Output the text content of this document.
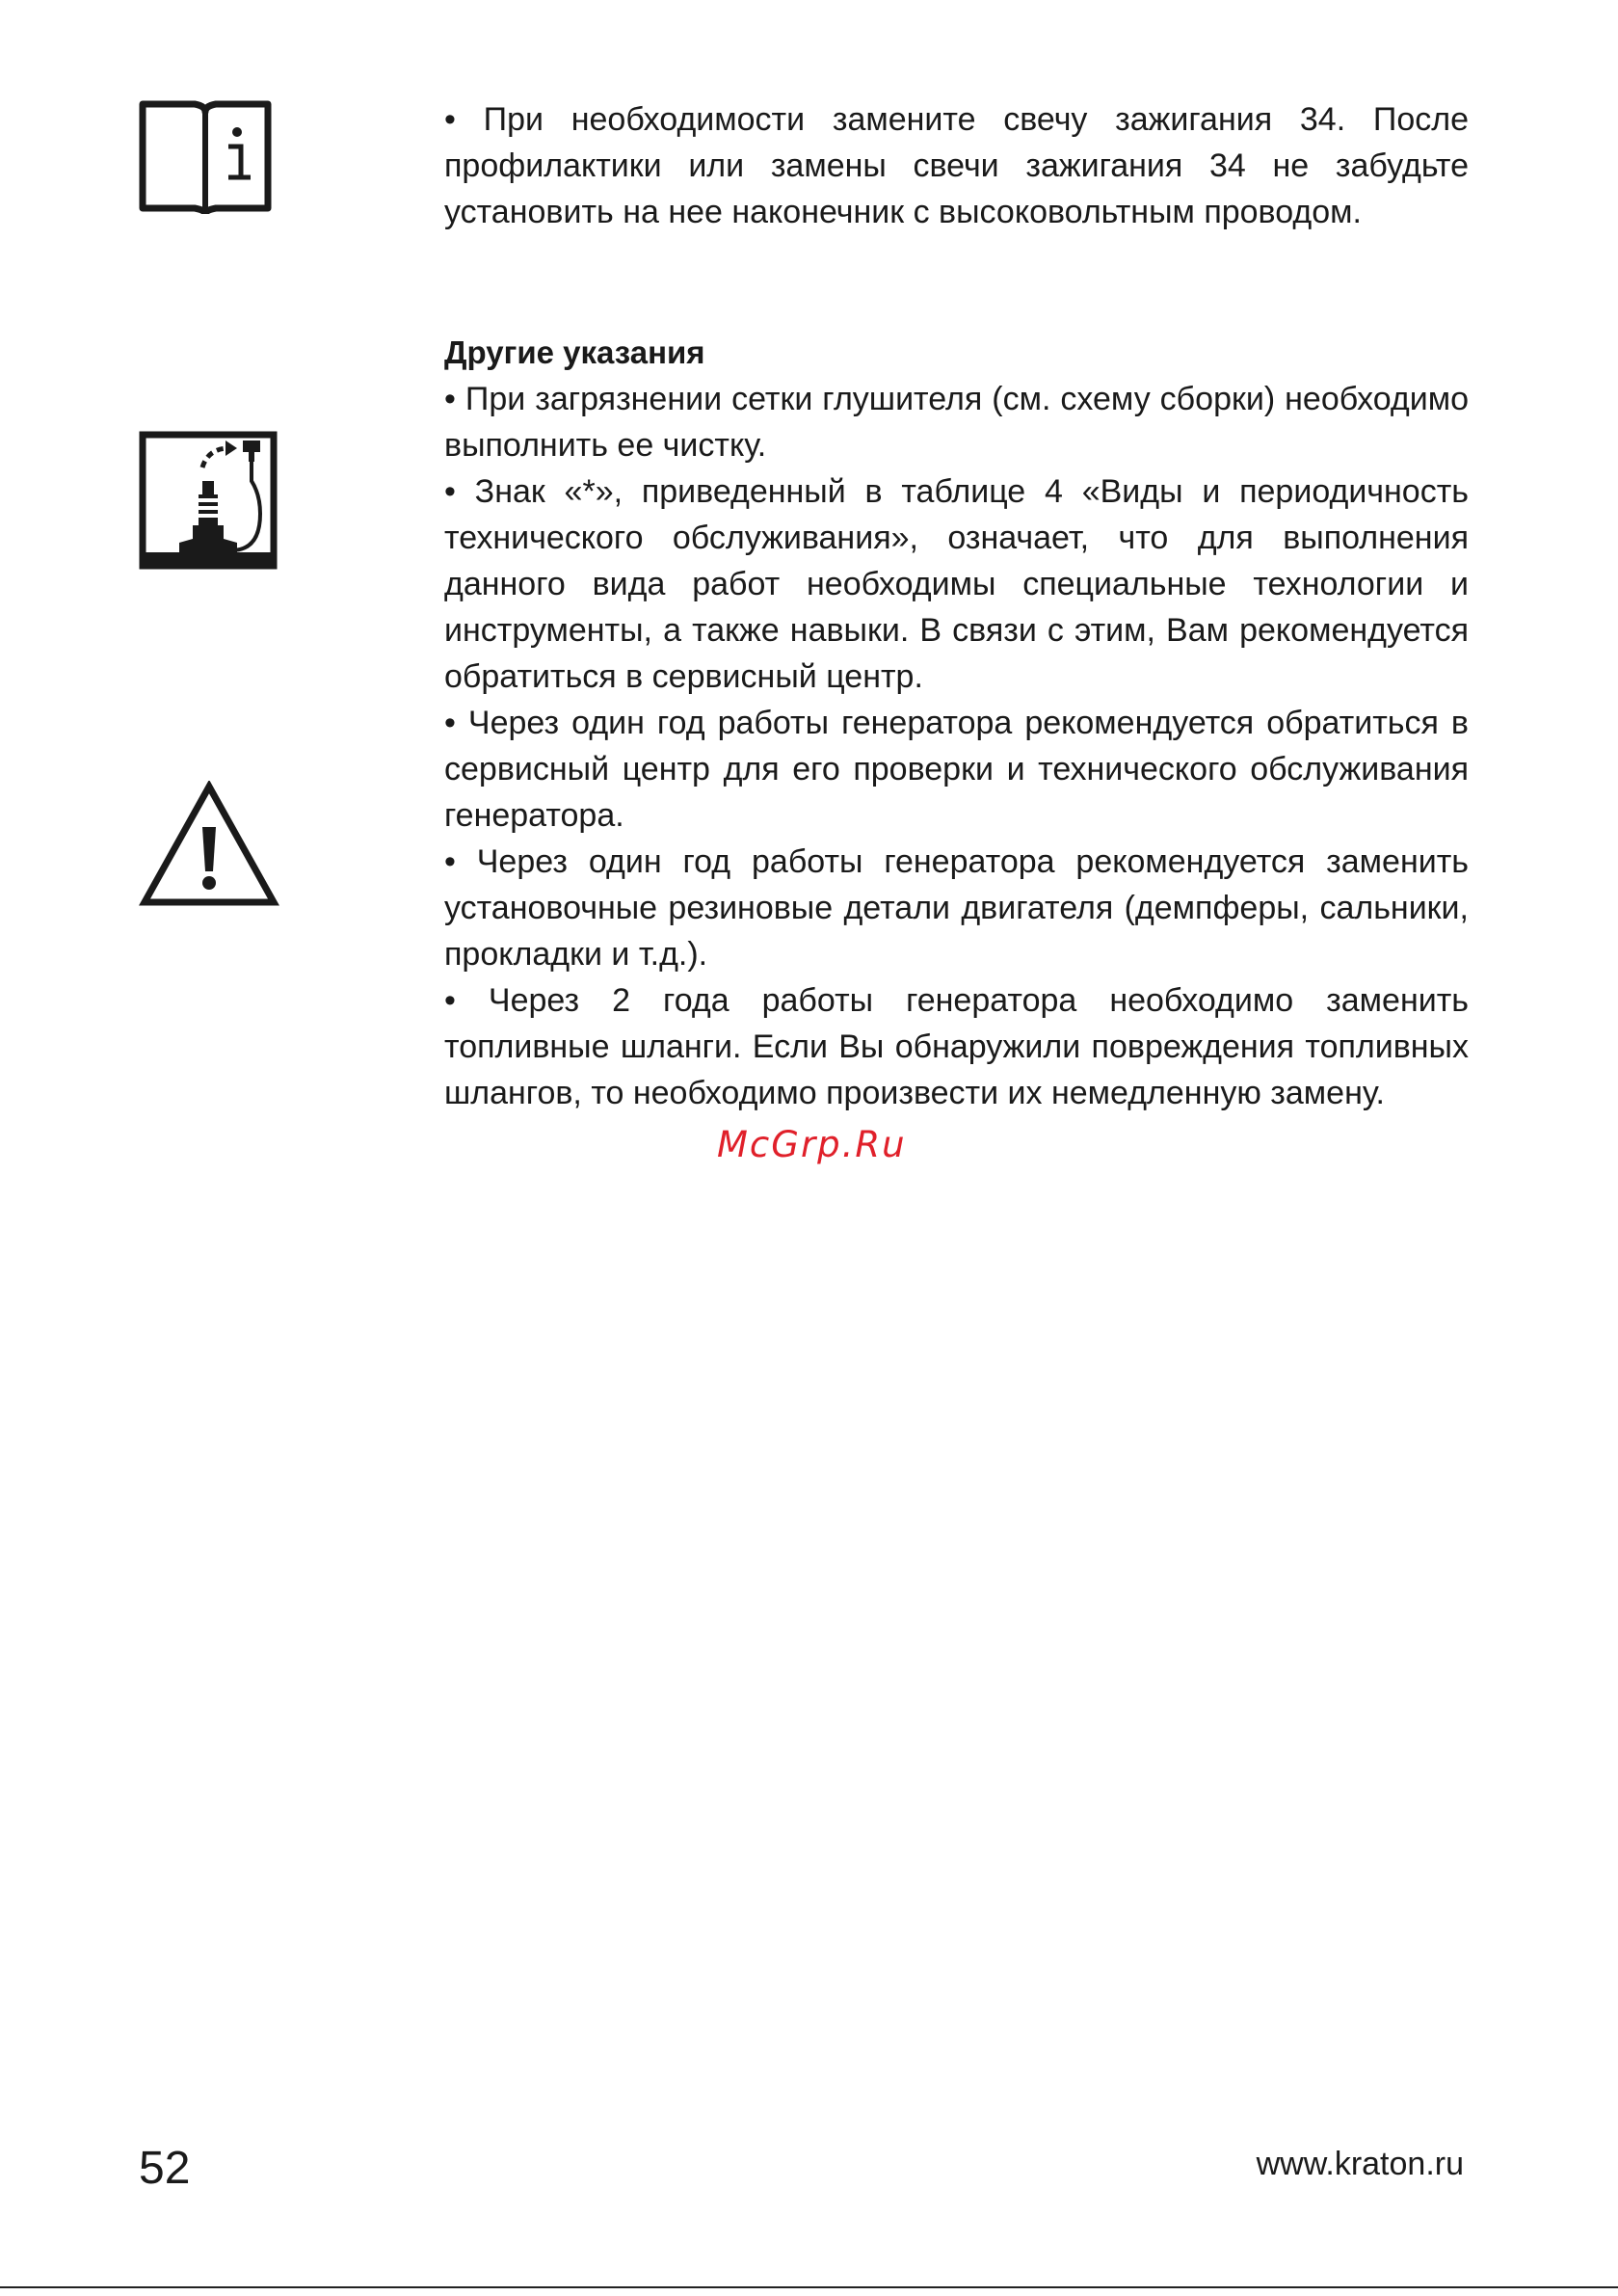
• При необходимости замените свечу зажигания 34. После профилактики или замены свечи зажигания 34 не забудьте установить на нее наконечник с высоковольтным проводом.

Другие указания

• При загрязнении сетки глушителя (см. схему сборки) необходимо выполнить ее чистку.

• Знак «*», приведенный в таблице 4 «Виды и периодичность технического обслуживания», означает, что для выполнения данного вида работ необходимы специальные технологии и инструменты, а также навыки. В связи с этим, Вам рекомендуется обратиться в сервисный центр.

• Через один год работы генератора рекомендуется обратиться в сервисный центр для его проверки и технического обслуживания генератора.

• Через один год работы генератора рекомендуется заменить установочные резиновые детали двигателя (демпферы, сальники, прокладки и т.д.).

• Через 2 года работы генератора необходимо заменить топливные шланги. Если Вы обнаружили повреждения топливных шлангов, то необходимо произвести их немедленную замену.

McGrp.Ru
52	www.kraton.ru
